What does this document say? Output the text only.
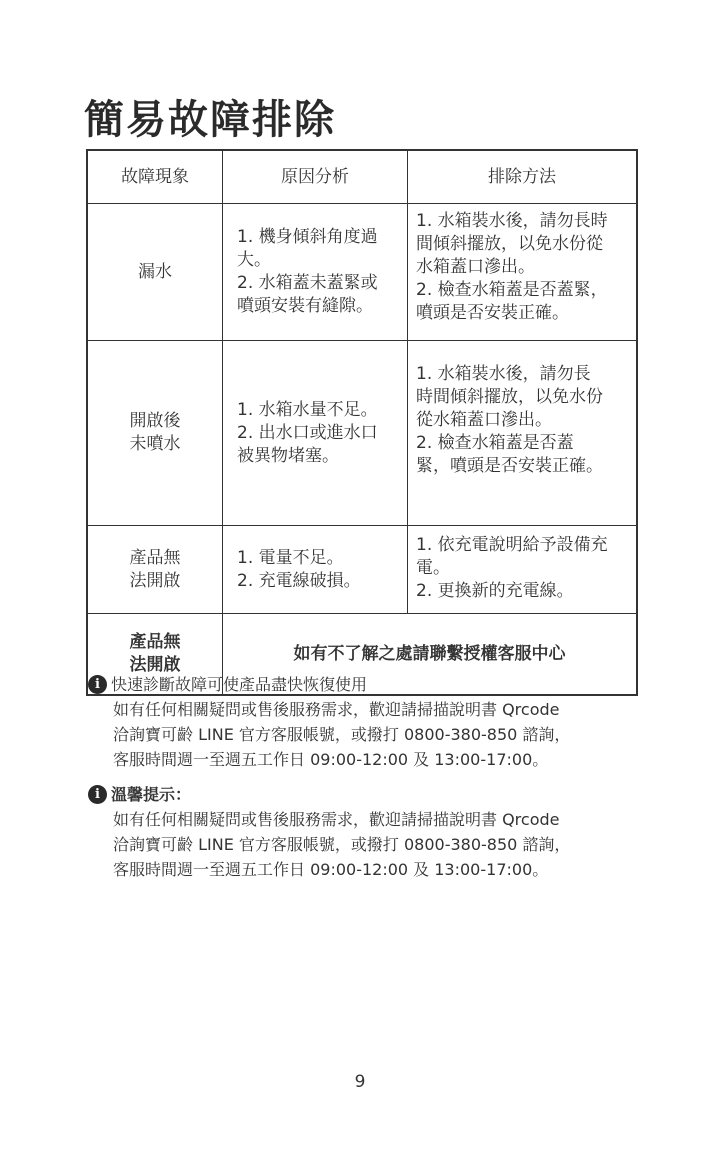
簡易故障排除
故障現象	原因分析	排除方法

漏水	1. 機身傾斜角度過
大。
2. 水箱蓋未蓋緊或
噴頭安裝有縫隙。	1. 水箱裝水後，請勿長時
間傾斜擺放，以免水份從
水箱蓋口滲出。
2. 檢查水箱蓋是否蓋緊，
噴頭是否安裝正確。

開啟後
未噴水	1. 水箱水量不足。
2. 出水口或進水口
被異物堵塞。	1. 水箱裝水後，請勿長
時間傾斜擺放，以免水份
從水箱蓋口滲出。
2. 檢查水箱蓋是否蓋
緊，噴頭是否安裝正確。

產品無
法開啟	1. 電量不足。
2. 充電線破損。	1. 依充電說明給予設備充
電。
2. 更換新的充電線。

產品無
法開啟	如有不了解之處請聯繫授權客服中心	
i 快速診斷故障可使產品盡快恢復使用
如有任何相關疑問或售後服務需求，歡迎請掃描說明書 Qrcode
洽詢寶可齡 LINE 官方客服帳號，或撥打 0800-380-850 諮詢，
客服時間週一至週五工作日 09:00-12:00 及 13:00-17:00。
i 溫馨提示：
如有任何相關疑問或售後服務需求，歡迎請掃描說明書 Qrcode
洽詢寶可齡 LINE 官方客服帳號，或撥打 0800-380-850 諮詢，
客服時間週一至週五工作日 09:00-12:00 及 13:00-17:00。
9
